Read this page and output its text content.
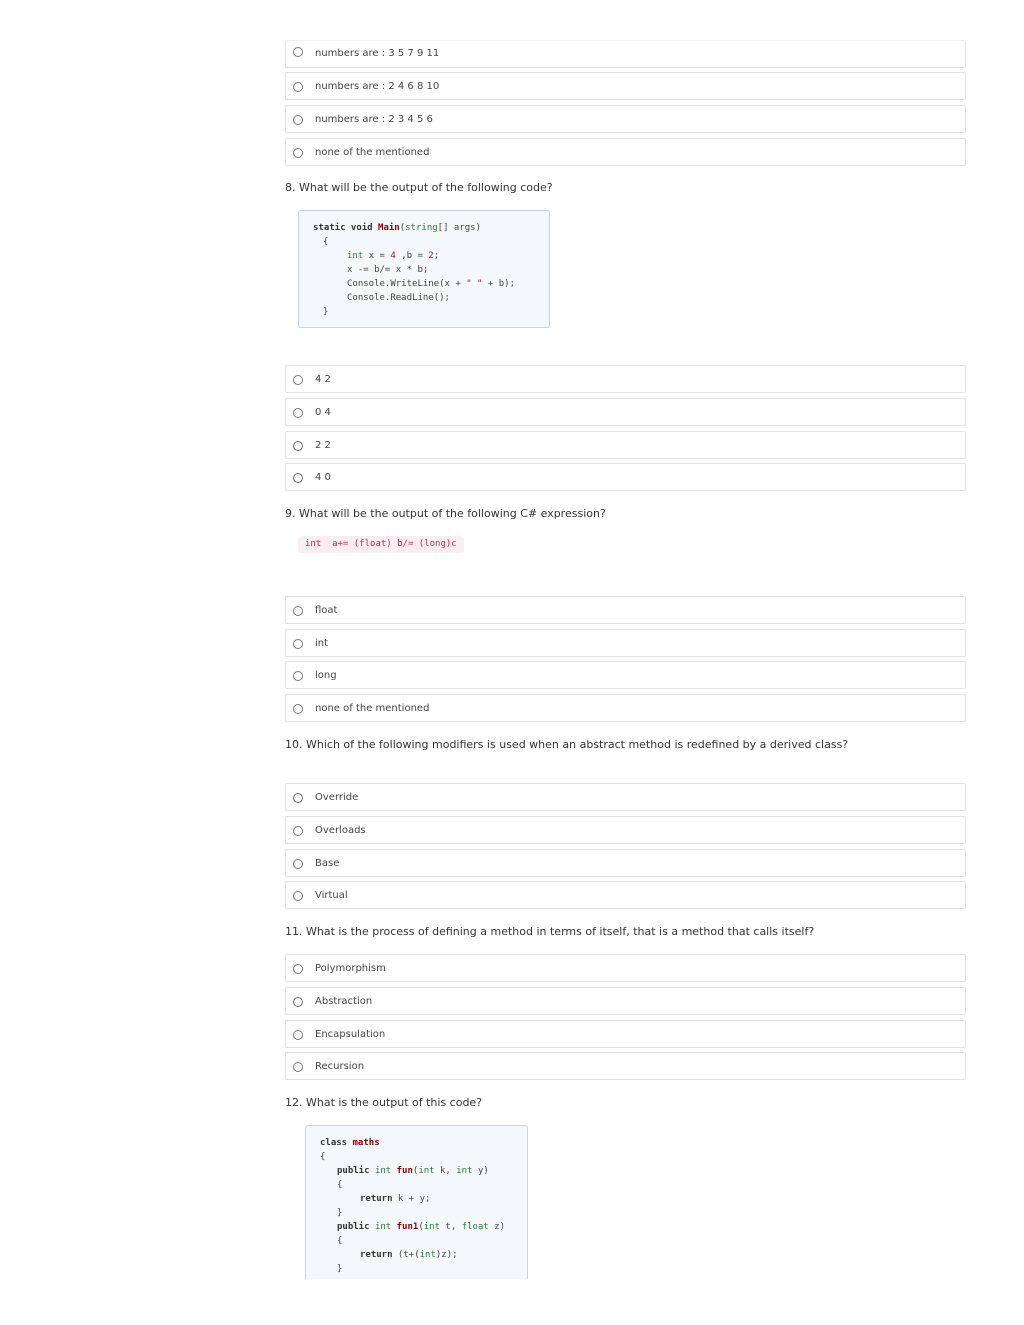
numbers are : 3 5 7 9 11
numbers are : 2 4 6 8 10
numbers are : 2 3 4 5 6
none of the mentioned
8. What will be the output of the following code?
static void Main(string[] args)
{
int x = 4 ,b = 2;
x -= b/= x * b;
Console.WriteLine(x + " " + b);
Console.ReadLine();
}
4 2
0 4
2 2
4 0
9. What will be the output of the following C# expression?
int  a+= (float) b/= (long)c
float
int
long
none of the mentioned
10. Which of the following modifiers is used when an abstract method is redefined by a derived class?
Override
Overloads
Base
Virtual
11. What is the process of defining a method in terms of itself, that is a method that calls itself?
Polymorphism
Abstraction
Encapsulation
Recursion
12. What is the output of this code?
class maths
{
public int fun(int k, int y)
{
return k + y;
}
public int fun1(int t, float z)
{
return (t+(int)z);
}
